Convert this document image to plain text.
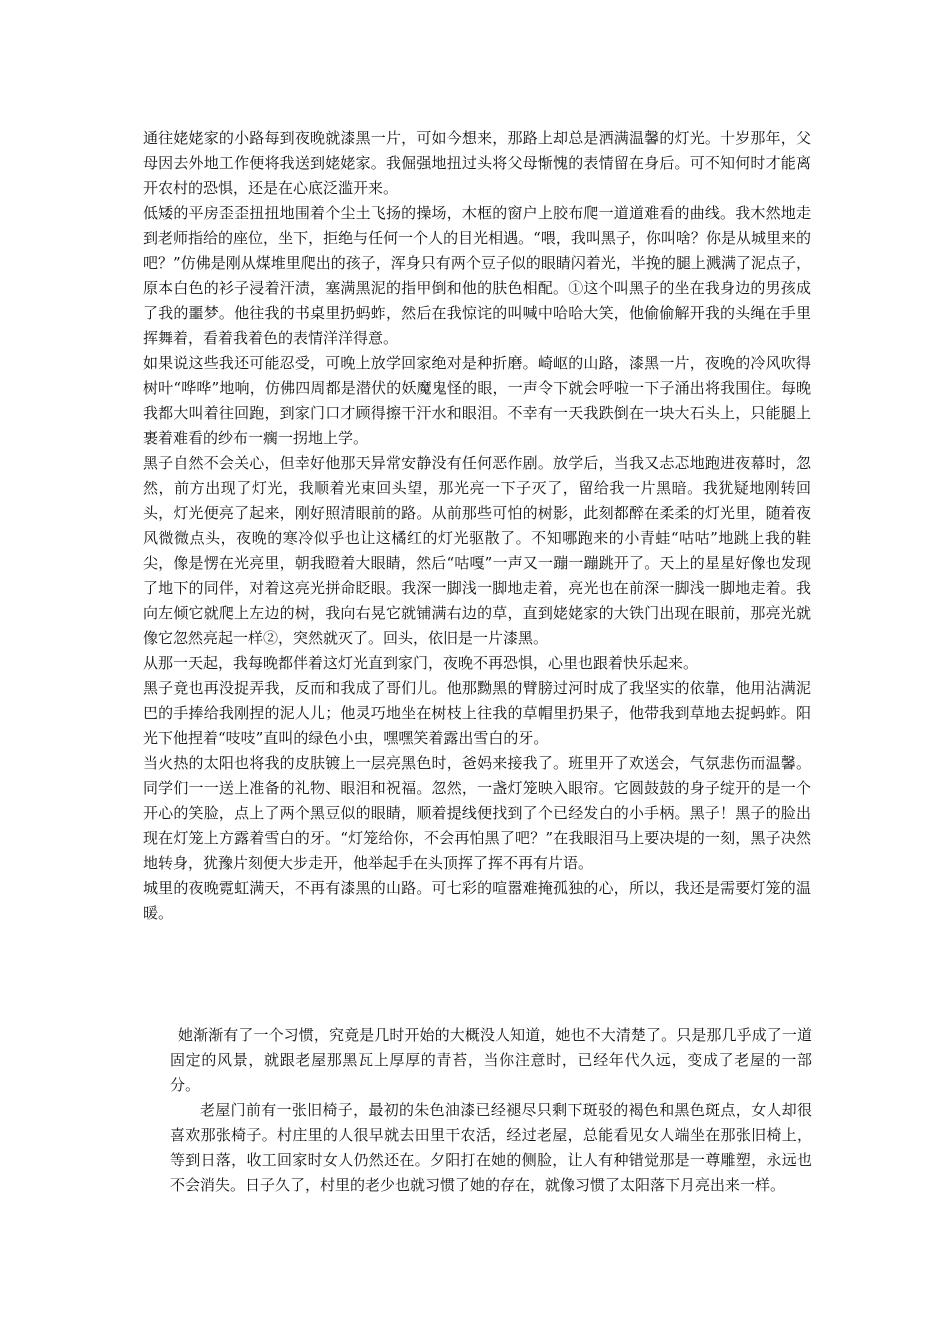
通往姥姥家的小路每到夜晚就漆黑一片，可如今想来，那路上却总是洒满温馨的灯光。十岁那年，父母因去外地工作便将我送到姥姥家。我倔强地扭过头将父母惭愧的表情留在身后。可不知何时才能离开农村的恐惧，还是在心底泛滥开来。

低矮的平房歪歪扭扭地围着个尘土飞扬的操场，木框的窗户上胶布爬一道道难看的曲线。我木然地走到老师指给的座位，坐下，拒绝与任何一个人的目光相遇。“喂，我叫黑子，你叫啥？你是从城里来的吧？”仿佛是刚从煤堆里爬出的孩子，浑身只有两个豆子似的眼睛闪着光，半挽的腿上溅满了泥点子，原本白色的衫子浸着汗渍，塞满黑泥的指甲倒和他的肤色相配。①这个叫黑子的坐在我身边的男孩成了我的噩梦。他往我的书桌里扔蚂蚱，然后在我惊诧的叫喊中哈哈大笑，他偷偷解开我的头绳在手里挥舞着，看着我着色的表情洋洋得意。

如果说这些我还可能忍受，可晚上放学回家绝对是种折磨。崎岖的山路，漆黑一片，夜晚的冷风吹得树叶“哗哗”地响，仿佛四周都是潜伏的妖魔鬼怪的眼，一声令下就会呼啦一下子涌出将我围住。每晚我都大叫着往回跑，到家门口才顾得擦干汗水和眼泪。不幸有一天我跌倒在一块大石头上，只能腿上裹着难看的纱布一瘸一拐地上学。

黑子自然不会关心，但幸好他那天异常安静没有任何恶作剧。放学后，当我又忐忑地跑进夜幕时，忽然，前方出现了灯光，我顺着光束回头望，那光亮一下子灭了，留给我一片黑暗。我犹疑地刚转回头，灯光便亮了起来，刚好照清眼前的路。从前那些可怕的树影，此刻都醉在柔柔的灯光里，随着夜风微微点头，夜晚的寒冷似乎也让这橘红的灯光驱散了。不知哪跑来的小青蛙“咕咕”地跳上我的鞋尖，像是愣在光亮里，朝我瞪着大眼睛，然后“咕嘎”一声又一蹦一蹦跳开了。天上的星星好像也发现了地下的同伴，对着这亮光拼命眨眼。我深一脚浅一脚地走着，亮光也在前深一脚浅一脚地走着。我向左倾它就爬上左边的树，我向右晃它就铺满右边的草，直到姥姥家的大铁门出现在眼前，那亮光就像它忽然亮起一样②，突然就灭了。回头，依旧是一片漆黑。

从那一天起，我每晚都伴着这灯光直到家门，夜晚不再恐惧，心里也跟着快乐起来。

黑子竟也再没捉弄我，反而和我成了哥们儿。他那黝黑的臂膀过河时成了我坚实的依靠，他用沾满泥巴的手捧给我刚捏的泥人儿；他灵巧地坐在树枝上往我的草帽里扔果子，他带我到草地去捉蚂蚱。阳光下他捏着“吱吱”直叫的绿色小虫，嘿嘿笑着露出雪白的牙。

当火热的太阳也将我的皮肤镀上一层亮黑色时，爸妈来接我了。班里开了欢送会，气氛悲伤而温馨。同学们一一送上准备的礼物、眼泪和祝福。忽然，一盏灯笼映入眼帘。它圆鼓鼓的身子绽开的是一个开心的笑脸，点上了两个黑豆似的眼睛，顺着提线便找到了个已经发白的小手柄。黑子！黑子的脸出现在灯笼上方露着雪白的牙。“灯笼给你，不会再怕黑了吧？”在我眼泪马上要决堤的一刻，黑子决然地转身，犹豫片刻便大步走开，他举起手在头顶挥了挥不再有片语。

城里的夜晚霓虹满天，不再有漆黑的山路。可七彩的喧嚣难掩孤独的心，所以，我还是需要灯笼的温暖。

她渐渐有了一个习惯，究竟是几时开始的大概没人知道，她也不大清楚了。只是那几乎成了一道固定的风景，就跟老屋那黑瓦上厚厚的青苔，当你注意时，已经年代久远，变成了老屋的一部分。

老屋门前有一张旧椅子，最初的朱色油漆已经褪尽只剩下斑驳的褐色和黑色斑点，女人却很喜欢那张椅子。村庄里的人很早就去田里干农活，经过老屋，总能看见女人端坐在那张旧椅上，等到日落，收工回家时女人仍然还在。夕阳打在她的侧脸，让人有种错觉那是一尊雕塑，永远也不会消失。日子久了，村里的老少也就习惯了她的存在，就像习惯了太阳落下月亮出来一样。
